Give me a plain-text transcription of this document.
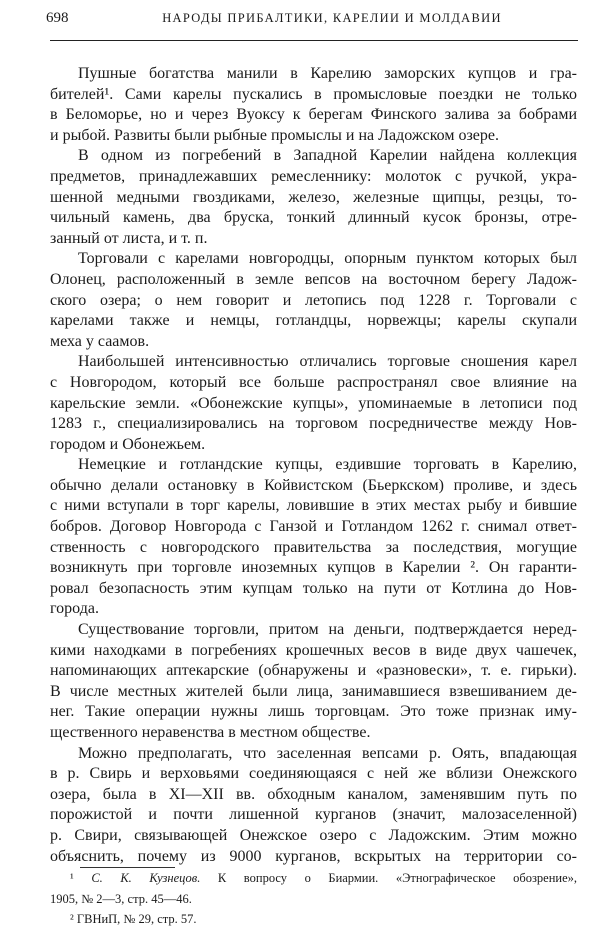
698	НАРОДЫ ПРИБАЛТИКИ, КАРЕЛИИ И МОЛДАВИИ
Пушные богатства манили в Карелию заморских купцов и гра-
бителей¹. Сами карелы пускались в промысловые поездки не только
в Беломорье, но и через Вуоксу к берегам Финского залива за бобрами
и рыбой. Развиты были рыбные промыслы и на Ладожском озере.
В одном из погребений в Западной Карелии найдена коллекция
предметов, принадлежавших ремесленнику: молоток с ручкой, укра-
шенной медными гвоздиками, железо, железные щипцы, резцы, то-
чильный камень, два бруска, тонкий длинный кусок бронзы, отре-
занный от листа, и т. п.
Торговали с карелами новгородцы, опорным пунктом которых был
Олонец, расположенный в земле вепсов на восточном берегу Ладож-
ского озера; о нем говорит и летопись под 1228 г. Торговали с
карелами также и немцы, готландцы, норвежцы; карелы скупали
меха у саамов.
Наибольшей интенсивностью отличались торговые сношения карел
с Новгородом, который все больше распространял свое влияние на
карельские земли. «Обонежские купцы», упоминаемые в летописи под
1283 г., специализировались на торговом посредничестве между Нов-
городом и Обонежьем.
Немецкие и готландские купцы, ездившие торговать в Карелию,
обычно делали остановку в Койвистском (Бьеркском) проливе, и здесь
с ними вступали в торг карелы, ловившие в этих местах рыбу и бившие
бобров. Договор Новгорода с Ганзой и Готландом 1262 г. снимал ответ-
ственность с новгородского правительства за последствия, могущие
возникнуть при торговле иноземных купцов в Карелии ². Он гаранти-
ровал безопасность этим купцам только на пути от Котлина до Нов-
города.
Существование торговли, притом на деньги, подтверждается неред-
кими находками в погребениях крошечных весов в виде двух чашечек,
напоминающих аптекарские (обнаружены и «разновески», т. е. гирьки).
В числе местных жителей были лица, занимавшиеся взвешиванием де-
нег. Такие операции нужны лишь торговцам. Это тоже признак иму-
щественного неравенства в местном обществе.
Можно предполагать, что заселенная вепсами р. Оять, впадающая
в р. Свирь и верховьями соединяющаяся с ней же вблизи Онежского
озера, была в XI—XII вв. обходным каналом, заменявшим путь по
порожистой и почти лишенной курганов (значит, малозаселенной)
р. Свири, связывающей Онежское озеро с Ладожским. Этим можно
объяснить, почему из 9000 курганов, вскрытых на территории со-
¹ С. К. Кузнецов. К вопросу о Биармии. «Этнографическое обозрение»,
1905, № 2—3, стр. 45—46.
² ГВНиП, № 29, стр. 57.
